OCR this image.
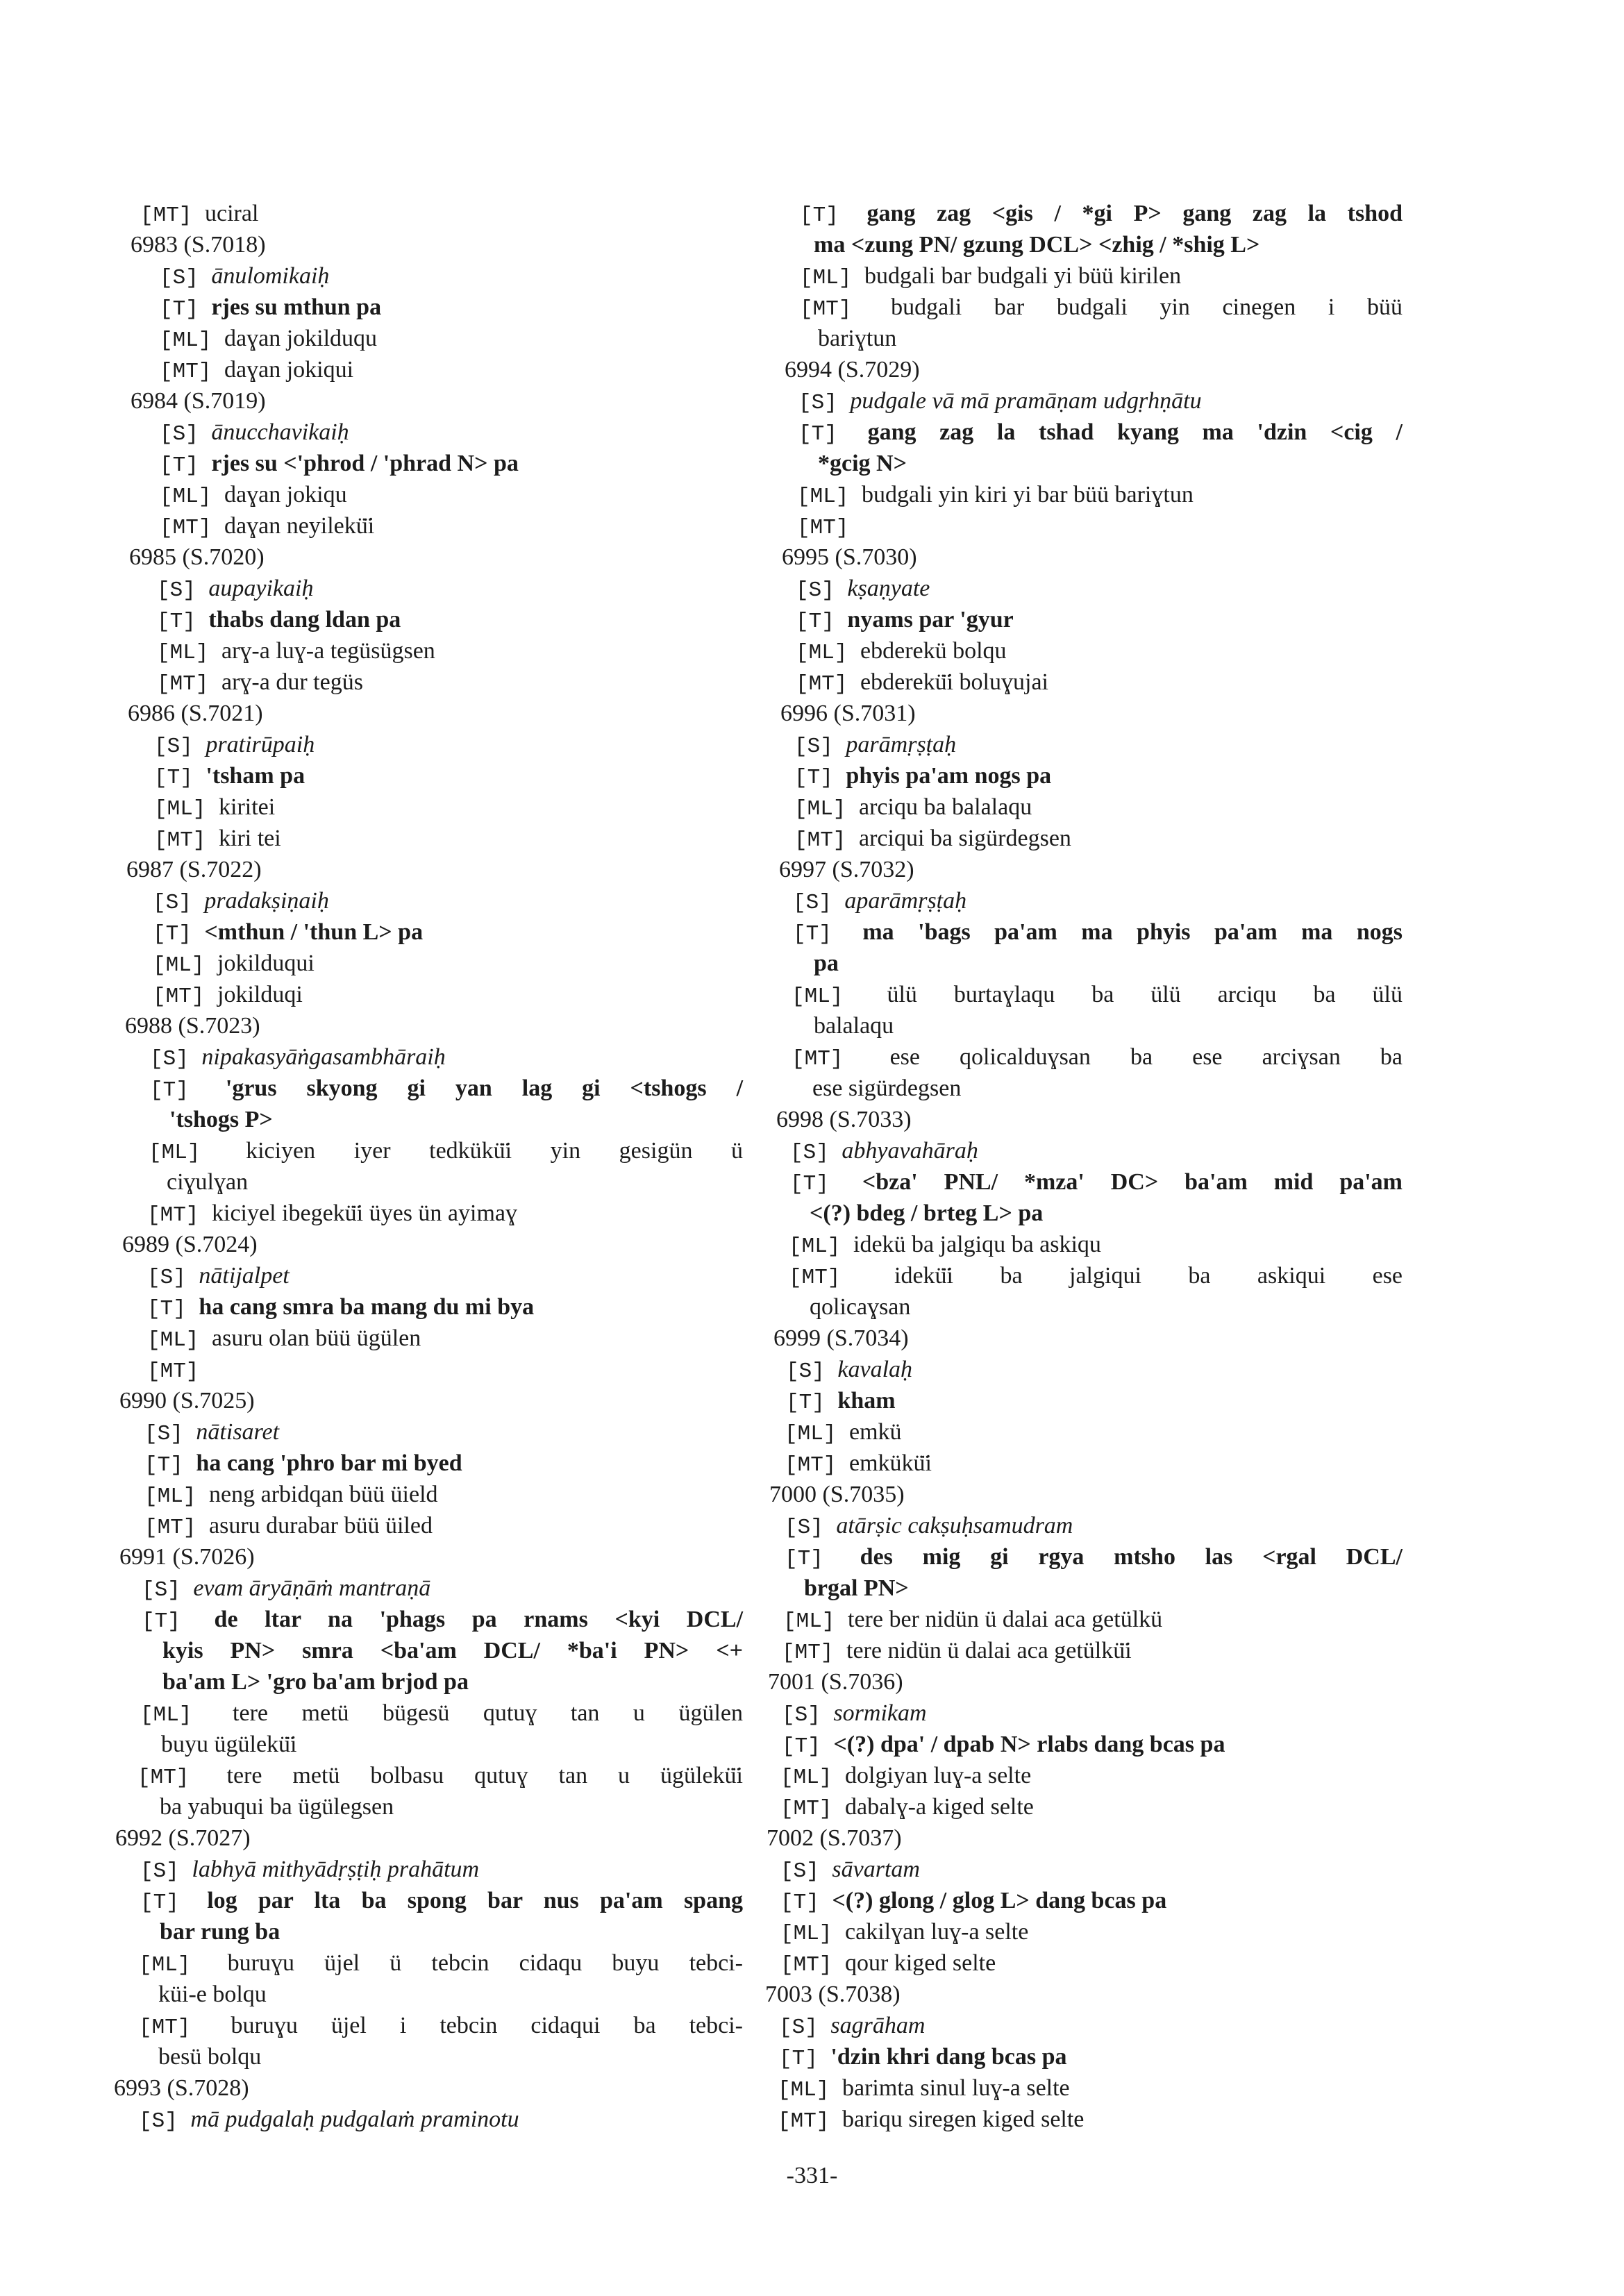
[MT] uciral
6983 (S.7018)
[S] ānulomikaiḥ
[T] rjes su mthun pa
[ML] daɣan jokilduqu
[MT] daɣan jokiqui
6984 (S.7019)
[S] ānucchavikaiḥ
[T] rjes su <'phrod / 'phrad N> pa
[ML] daɣan jokiqu
[MT] daɣan neyilekü̈i
6985 (S.7020)
[S] aupayikaiḥ
[T] thabs dang ldan pa
[ML] arɣ-a luɣ-a tegüsügsen
[MT] arɣ-a dur tegüs
6986 (S.7021)
[S] pratirūpaiḥ
[T] 'tsham pa
[ML] kiritei
[MT] kiri tei
6987 (S.7022)
[S] pradakṣiṇaiḥ
[T] <mthun / 'thun L> pa
[ML] jokilduqui
[MT] jokilduqi
6988 (S.7023)
[S] nipakasyāṅgasambhāraiḥ
[T] 'grus skyong gi yan lag gi <tshogs /
'tshogs P>
[ML] kiciyen iyer tedkükü̈i yin gesigün ü
ciɣulɣan
[MT] kiciyel ibegekü̈i üyes ün ayimaɣ
6989 (S.7024)
[S] nātijalpet
[T] ha cang smra ba mang du mi bya
[ML] asuru olan büü ügülen
[MT]
6990 (S.7025)
[S] nātisaret
[T] ha cang 'phro bar mi byed
[ML] neng arbidqan büü üield
[MT] asuru durabar büü üiled
6991 (S.7026)
[S] evam āryāṇāṁ mantraṇā
[T] de ltar na 'phags pa rnams <kyi DCL/
kyis PN> smra <ba'am DCL/ *ba'i PN> <+
ba'am L> 'gro ba'am brjod pa
[ML] tere metü bügesü qutuɣ tan u ügülen
buyu ügülekü̈i
[MT] tere metü bolbasu qutuɣ tan u ügülekü̈i
ba yabuqui ba ügülegsen
6992 (S.7027)
[S] labhyā mithyādṛṣṭiḥ prahātum
[T] log par lta ba spong bar nus pa'am spang
bar rung ba
[ML] buruɣu üjel ü tebcin cidaqu buyu tebci-
küi-e bolqu
[MT] buruɣu üjel i tebcin cidaqui ba tebci-
besü bolqu
6993 (S.7028)
[S] mā pudgalaḥ pudgalaṁ praminotu
[T] gang zag <gis / *gi P> gang zag la tshod
ma <zung PN/ gzung DCL> <zhig / *shig L>
[ML] budgali bar budgali yi büü kirilen
[MT] budgali bar budgali yin cinegen i büü
bariɣtun
6994 (S.7029)
[S] pudgale vā mā pramāṇam udgṛhṇātu
[T] gang zag la tshad kyang ma 'dzin <cig /
*gcig N>
[ML] budgali yin kiri yi bar büü bariɣtun
[MT]
6995 (S.7030)
[S] kṣaṇyate
[T] nyams par 'gyur
[ML] ebderekü bolqu
[MT] ebderekü̈i boluɣujai
6996 (S.7031)
[S] parāmṛṣṭaḥ
[T] phyis pa'am nogs pa
[ML] arciqu ba balalaqu
[MT] arciqui ba sigürdegsen
6997 (S.7032)
[S] aparāmṛṣṭaḥ
[T] ma 'bags pa'am ma phyis pa'am ma nogs
pa
[ML] ülü burtaɣlaqu ba ülü arciqu ba ülü
balalaqu
[MT] ese qolicalduɣsan ba ese arciɣsan ba
ese sigürdegsen
6998 (S.7033)
[S] abhyavahāraḥ
[T] <bza' PNL/ *mza' DC> ba'am mid pa'am
<(?) bdeg / brteg L> pa
[ML] idekü ba jalgiqu ba askiqu
[MT] idekü̈i ba jalgiqui ba askiqui ese
qolicaɣsan
6999 (S.7034)
[S] kavalaḥ
[T] kham
[ML] emkü
[MT] emkükü̈i
7000 (S.7035)
[S] atārṣic cakṣuḥsamudram
[T] des mig gi rgya mtsho las <rgal DCL/
brgal PN>
[ML] tere ber nidün ü dalai aca getülkü
[MT] tere nidün ü dalai aca getülkü̈i
7001 (S.7036)
[S] sormikam
[T] <(?) dpa' / dpab N> rlabs dang bcas pa
[ML] dolgiyan luɣ-a selte
[MT] dabalɣ-a kiged selte
7002 (S.7037)
[S] sāvartam
[T] <(?) glong / glog L> dang bcas pa
[ML] cakilɣan luɣ-a selte
[MT] qour kiged selte
7003 (S.7038)
[S] sagrāham
[T] 'dzin khri dang bcas pa
[ML] barimta sinul luɣ-a selte
[MT] bariqu siregen kiged selte
-331-
